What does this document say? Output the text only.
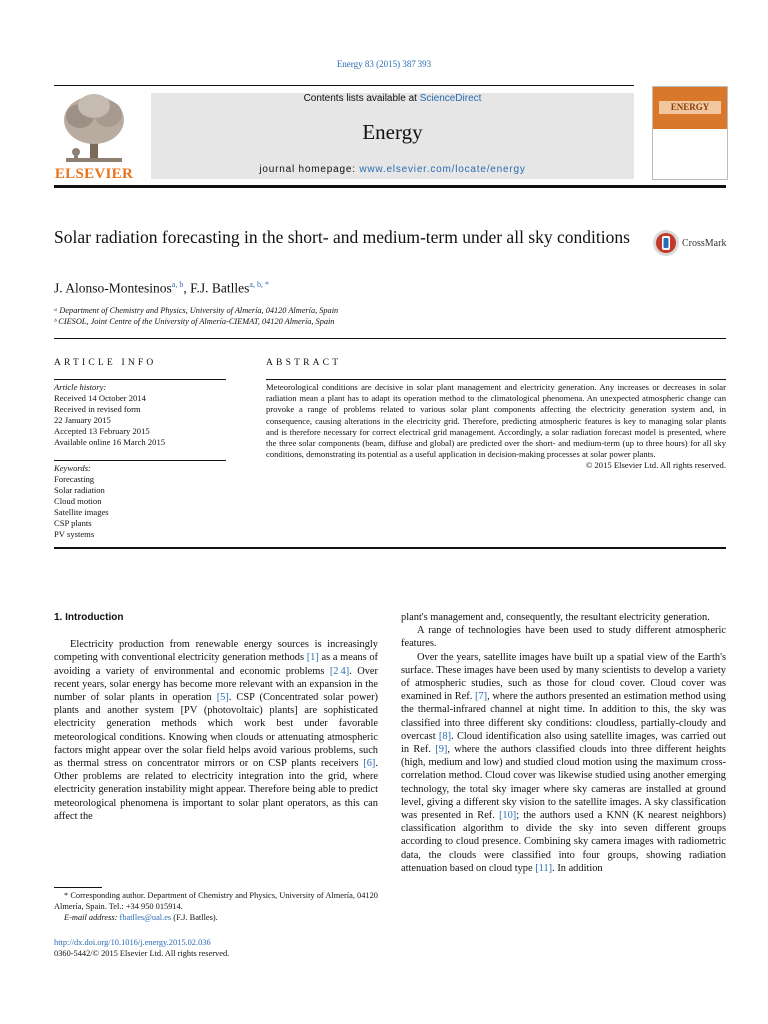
Energy 83 (2015) 387 393
ELSEVIER
Contents lists available at ScienceDirect
Energy
journal homepage: www.elsevier.com/locate/energy
ENERGY
Solar radiation forecasting in the short- and medium-term under all sky conditions	CrossMark
J. Alonso-Montesinos$^{a, b}$, F.J. Batlles$^{a, b, *}$
ᵃ Department of Chemistry and Physics, University of Almería, 04120 Almería, Spain
ᵇ CIESOL, Joint Centre of the University of Almería-CIEMAT, 04120 Almería, Spain
ARTICLE INFO	ABSTRACT
Article history:
Received 14 October 2014
Received in revised form
22 January 2015
Accepted 13 February 2015
Available online 16 March 2015
Keywords:
Forecasting
Solar radiation
Cloud motion
Satellite images
CSP plants
PV systems

Meteorological conditions are decisive in solar plant management and electricity generation. Any increases or decreases in solar radiation mean a plant has to adapt its operation method to the climatological phenomena. An unexpected atmospheric change can provoke a range of problems related to various solar plant components affecting the electricity generation system and, in consequence, causing alterations in the electricity grid. Therefore, predicting atmospheric features is key to managing solar plants and is therefore necessary for correct electrical grid management. Accordingly, a solar radiation forecast model is presented, where the three solar components (beam, diffuse and global) are predicted over the short- and medium-term (up to three hours) for all sky conditions, demonstrating its potential as a useful application in decision-making processes at solar power plants.

© 2015 Elsevier Ltd. All rights reserved.

1. Introduction

Electricity production from renewable energy sources is increasingly competing with conventional electricity generation methods [1] as a means of avoiding a variety of environmental and economic problems [2 4]. Over recent years, solar energy has become more relevant with an expansion in the number of solar plants in operation [5]. CSP (Concentrated solar power) plants and another system [PV (photovoltaic) plants] are sophisticated electricity generation methods which work best under favorable meteorological conditions. Knowing when clouds or attenuating atmospheric factors might appear over the solar field helps avoid various problems, such as thermal stress on concentrator mirrors or on CSP plants receivers [6]. Other problems are related to electricity integration into the grid, where electricity generation instability might appear. Therefore being able to predict meteorological phenomena is important to solar plant operators, as this can affect the

plant's management and, consequently, the resultant electricity generation.

A range of technologies have been used to study different atmospheric features.

Over the years, satellite images have built up a spatial view of the Earth's surface. These images have been used by many scientists to develop a variety of atmospheric studies, such as those for cloud cover. Cloud cover was examined in Ref. [7], where the authors presented an estimation method using the thermal-infrared channel at night time. In addition to this, the sky was classified into three different sky conditions: cloudless, partially-cloudy and overcast [8]. Cloud identification also using satellite images, was carried out in Ref. [9], where the authors classified clouds into three different heights (high, medium and low) and studied cloud motion using the maximum cross-correlation method. Cloud cover was likewise studied using another emerging technology, the total sky imager where sky cameras are installed at ground level, giving a different sky vision to the satellite images. A sky classification was presented in Ref. [10]; the authors used a KNN (K nearest neighbors) classification algorithm to divide the sky into seven different groups according to cloud presence. Combining sky camera images with radiometric data, the clouds were classified into four groups, showing radiation attenuation based on cloud type [11]. In addition

* Corresponding author. Department of Chemistry and Physics, University of Almería, 04120 Almería, Spain. Tel.: +34 950 015914.
E-mail address: fbatlles@ual.es (F.J. Batlles).
http://dx.doi.org/10.1016/j.energy.2015.02.036
0360-5442/© 2015 Elsevier Ltd. All rights reserved.
